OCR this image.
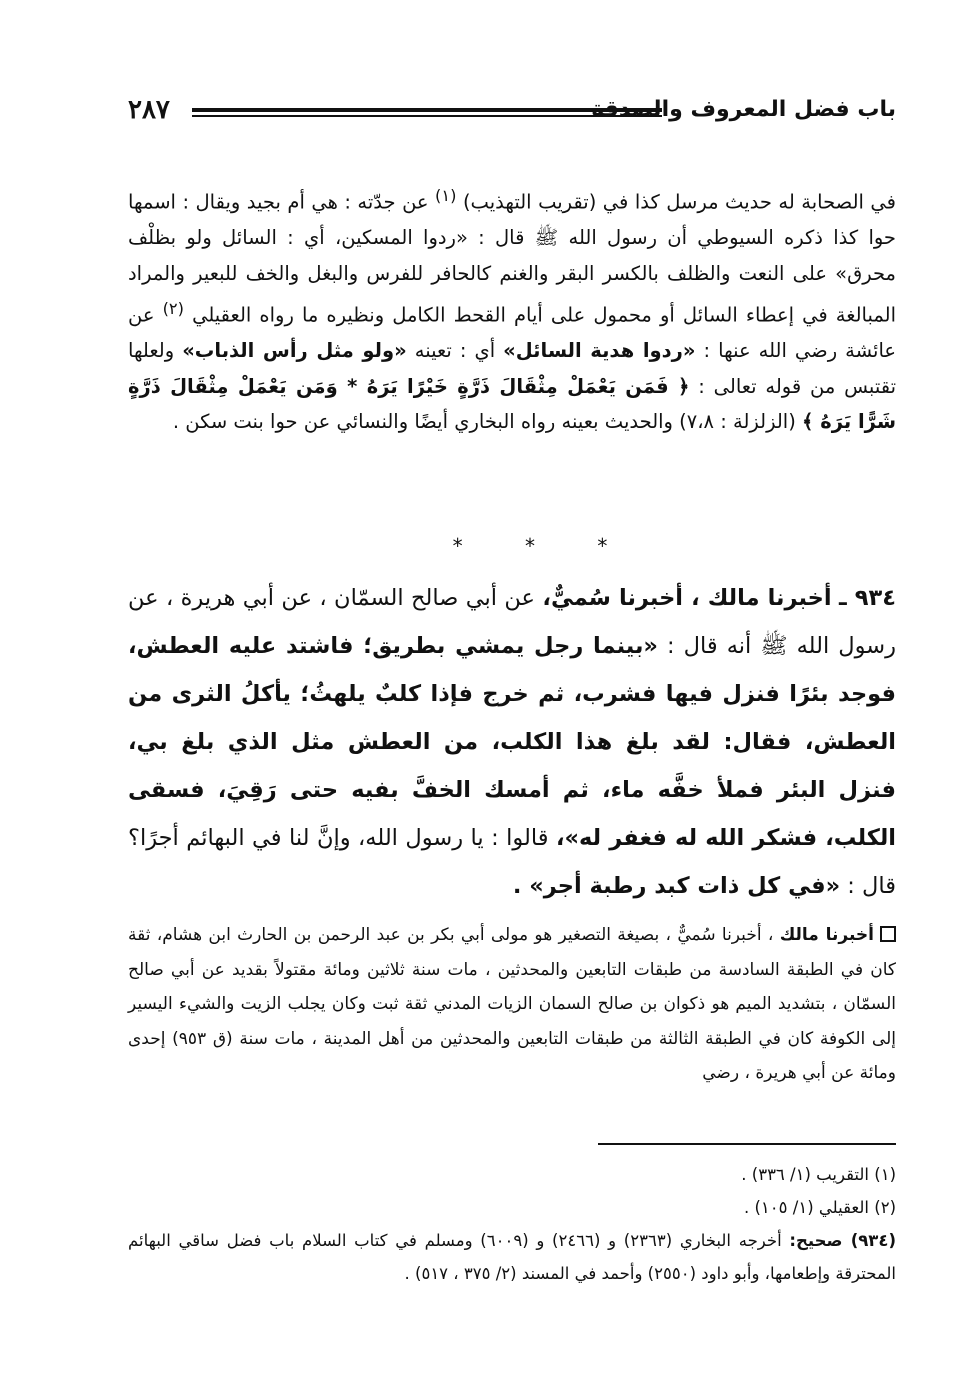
٢٨٧	باب فضل المعروف والصدقة
في الصحابة له حديث مرسل كذا في (تقريب التهذيب) $^{(١)}$ عن جدّته : هي أم بجيد ويقال : اسمها حوا كذا ذكره السيوطي أن رسول الله ﷺ قال : «ردوا المسكين، أي : السائل ولو بظلْف محرق» على النعت والظلف بالكسر البقر والغنم كالحافر للفرس والبغل والخف للبعير والمراد المبالغة في إعطاء السائل أو محمول على أيام القحط الكامل ونظيره ما رواه العقيلي $^{(٢)}$ عن عائشة رضي الله عنها : «ردوا هدية السائل» أي : تعينه «ولو مثل رأس الذباب» ولعلها تقتبس من قوله تعالى : ﴿ فَمَن يَعْمَلْ مِثْقَالَ ذَرَّةٍ خَيْرًا يَرَهُ * وَمَن يَعْمَلْ مِثْقَالَ ذَرَّةٍ شَرًّا يَرَهُ ﴾ (الزلزلة : ٧،٨) والحديث بعينه رواه البخاري أيضًا والنسائي عن حوا بنت سكن .
*	*	*
٩٣٤ ـ أخبرنا مالك ، أخبرنا سُميٌّ، عن أبي صالح السمّان ، عن أبي هريرة ، عن رسول الله ﷺ أنه قال : «بينما رجل يمشي بطريق؛ فاشتد عليه العطش، فوجد بئرًا فنزل فيها فشرب، ثم خرج فإذا كلبٌ يلهثُ؛ يأكلُ الثرى من العطش، فقال: لقد بلغ هذا الكلب، من العطش مثل الذي بلغ بي، فنزل البئر فملأ خفَّه ماء، ثم أمسك الخفَّ بفيه حتى رَقِيَ، فسقى الكلب، فشكر الله له فغفر له»، قالوا : يا رسول الله، وإنَّ لنا في البهائم أجرًا؟ قال : «في كل ذات كبد رطبة أجر» .
أخبرنا مالك ، أخبرنا سُميٌّ ، بصيغة التصغير هو مولى أبي بكر بن عبد الرحمن بن الحارث ابن هشام، ثقة كان في الطبقة السادسة من طبقات التابعين والمحدثين ، مات سنة ثلاثين ومائة مقتولاً بقديد عن أبي صالح السمّان ، بتشديد الميم هو ذكوان بن صالح السمان الزيات المدني ثقة ثبت وكان يجلب الزيت والشيء اليسير إلى الكوفة كان في الطبقة الثالثة من طبقات التابعين والمحدثين من أهل المدينة ، مات سنة (ق ٩٥٣) إحدى ومائة عن أبي هريرة ، رضي

(١) التقريب (١/ ٣٣٦) .

(٢) العقيلي (١/ ١٠٥) .

(٩٣٤) صحيح: أخرجه البخاري (٢٣٦٣) و (٢٤٦٦) و (٦٠٠٩) ومسلم في كتاب السلام باب فضل ساقي البهائم المحترقة وإطعامها، وأبو داود (٢٥٥٠) وأحمد في المسند (٢/ ٣٧٥ ، ٥١٧) .
